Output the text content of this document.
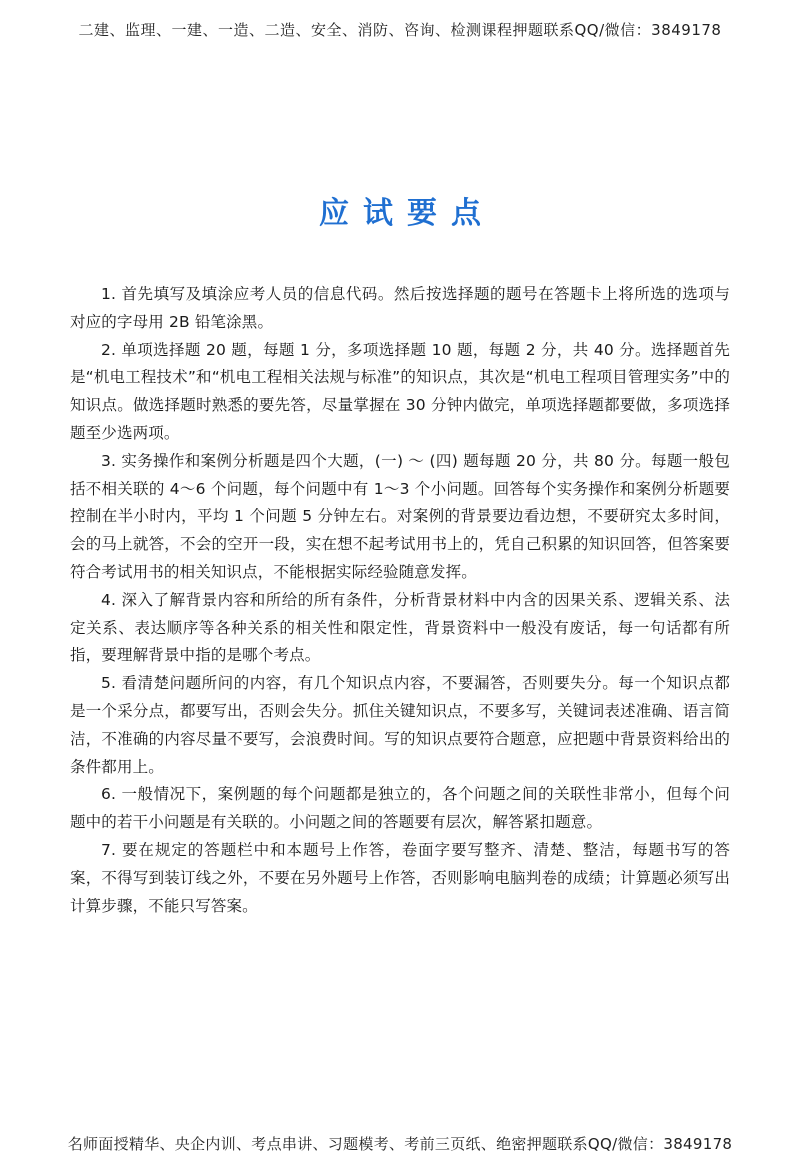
二建、监理、一建、一造、二造、安全、消防、咨询、检测课程押题联系QQ/微信：3849178
应试要点

1. 首先填写及填涂应考人员的信息代码。然后按选择题的题号在答题卡上将所选的选项与对应的字母用 2B 铅笔涂黑。

2. 单项选择题 20 题，每题 1 分，多项选择题 10 题，每题 2 分，共 40 分。选择题首先是“机电工程技术”和“机电工程相关法规与标准”的知识点，其次是“机电工程项目管理实务”中的知识点。做选择题时熟悉的要先答，尽量掌握在 30 分钟内做完，单项选择题都要做，多项选择题至少选两项。

3. 实务操作和案例分析题是四个大题，(一) ～ (四) 题每题 20 分，共 80 分。每题一般包括不相关联的 4～6 个问题，每个问题中有 1～3 个小问题。回答每个实务操作和案例分析题要控制在半小时内，平均 1 个问题 5 分钟左右。对案例的背景要边看边想，不要研究太多时间，会的马上就答，不会的空开一段，实在想不起考试用书上的，凭自己积累的知识回答，但答案要符合考试用书的相关知识点，不能根据实际经验随意发挥。

4. 深入了解背景内容和所给的所有条件，分析背景材料中内含的因果关系、逻辑关系、法定关系、表达顺序等各种关系的相关性和限定性，背景资料中一般没有废话，每一句话都有所指，要理解背景中指的是哪个考点。

5. 看清楚问题所问的内容，有几个知识点内容，不要漏答，否则要失分。每一个知识点都是一个采分点，都要写出，否则会失分。抓住关键知识点，不要多写，关键词表述准确、语言简洁，不准确的内容尽量不要写，会浪费时间。写的知识点要符合题意，应把题中背景资料给出的条件都用上。

6. 一般情况下，案例题的每个问题都是独立的，各个问题之间的关联性非常小，但每个问题中的若干小问题是有关联的。小问题之间的答题要有层次，解答紧扣题意。

7. 要在规定的答题栏中和本题号上作答，卷面字要写整齐、清楚、整洁，每题书写的答案，不得写到装订线之外，不要在另外题号上作答，否则影响电脑判卷的成绩；计算题必须写出计算步骤，不能只写答案。

名师面授精华、央企内训、考点串讲、习题模考、考前三页纸、绝密押题联系QQ/微信：3849178
